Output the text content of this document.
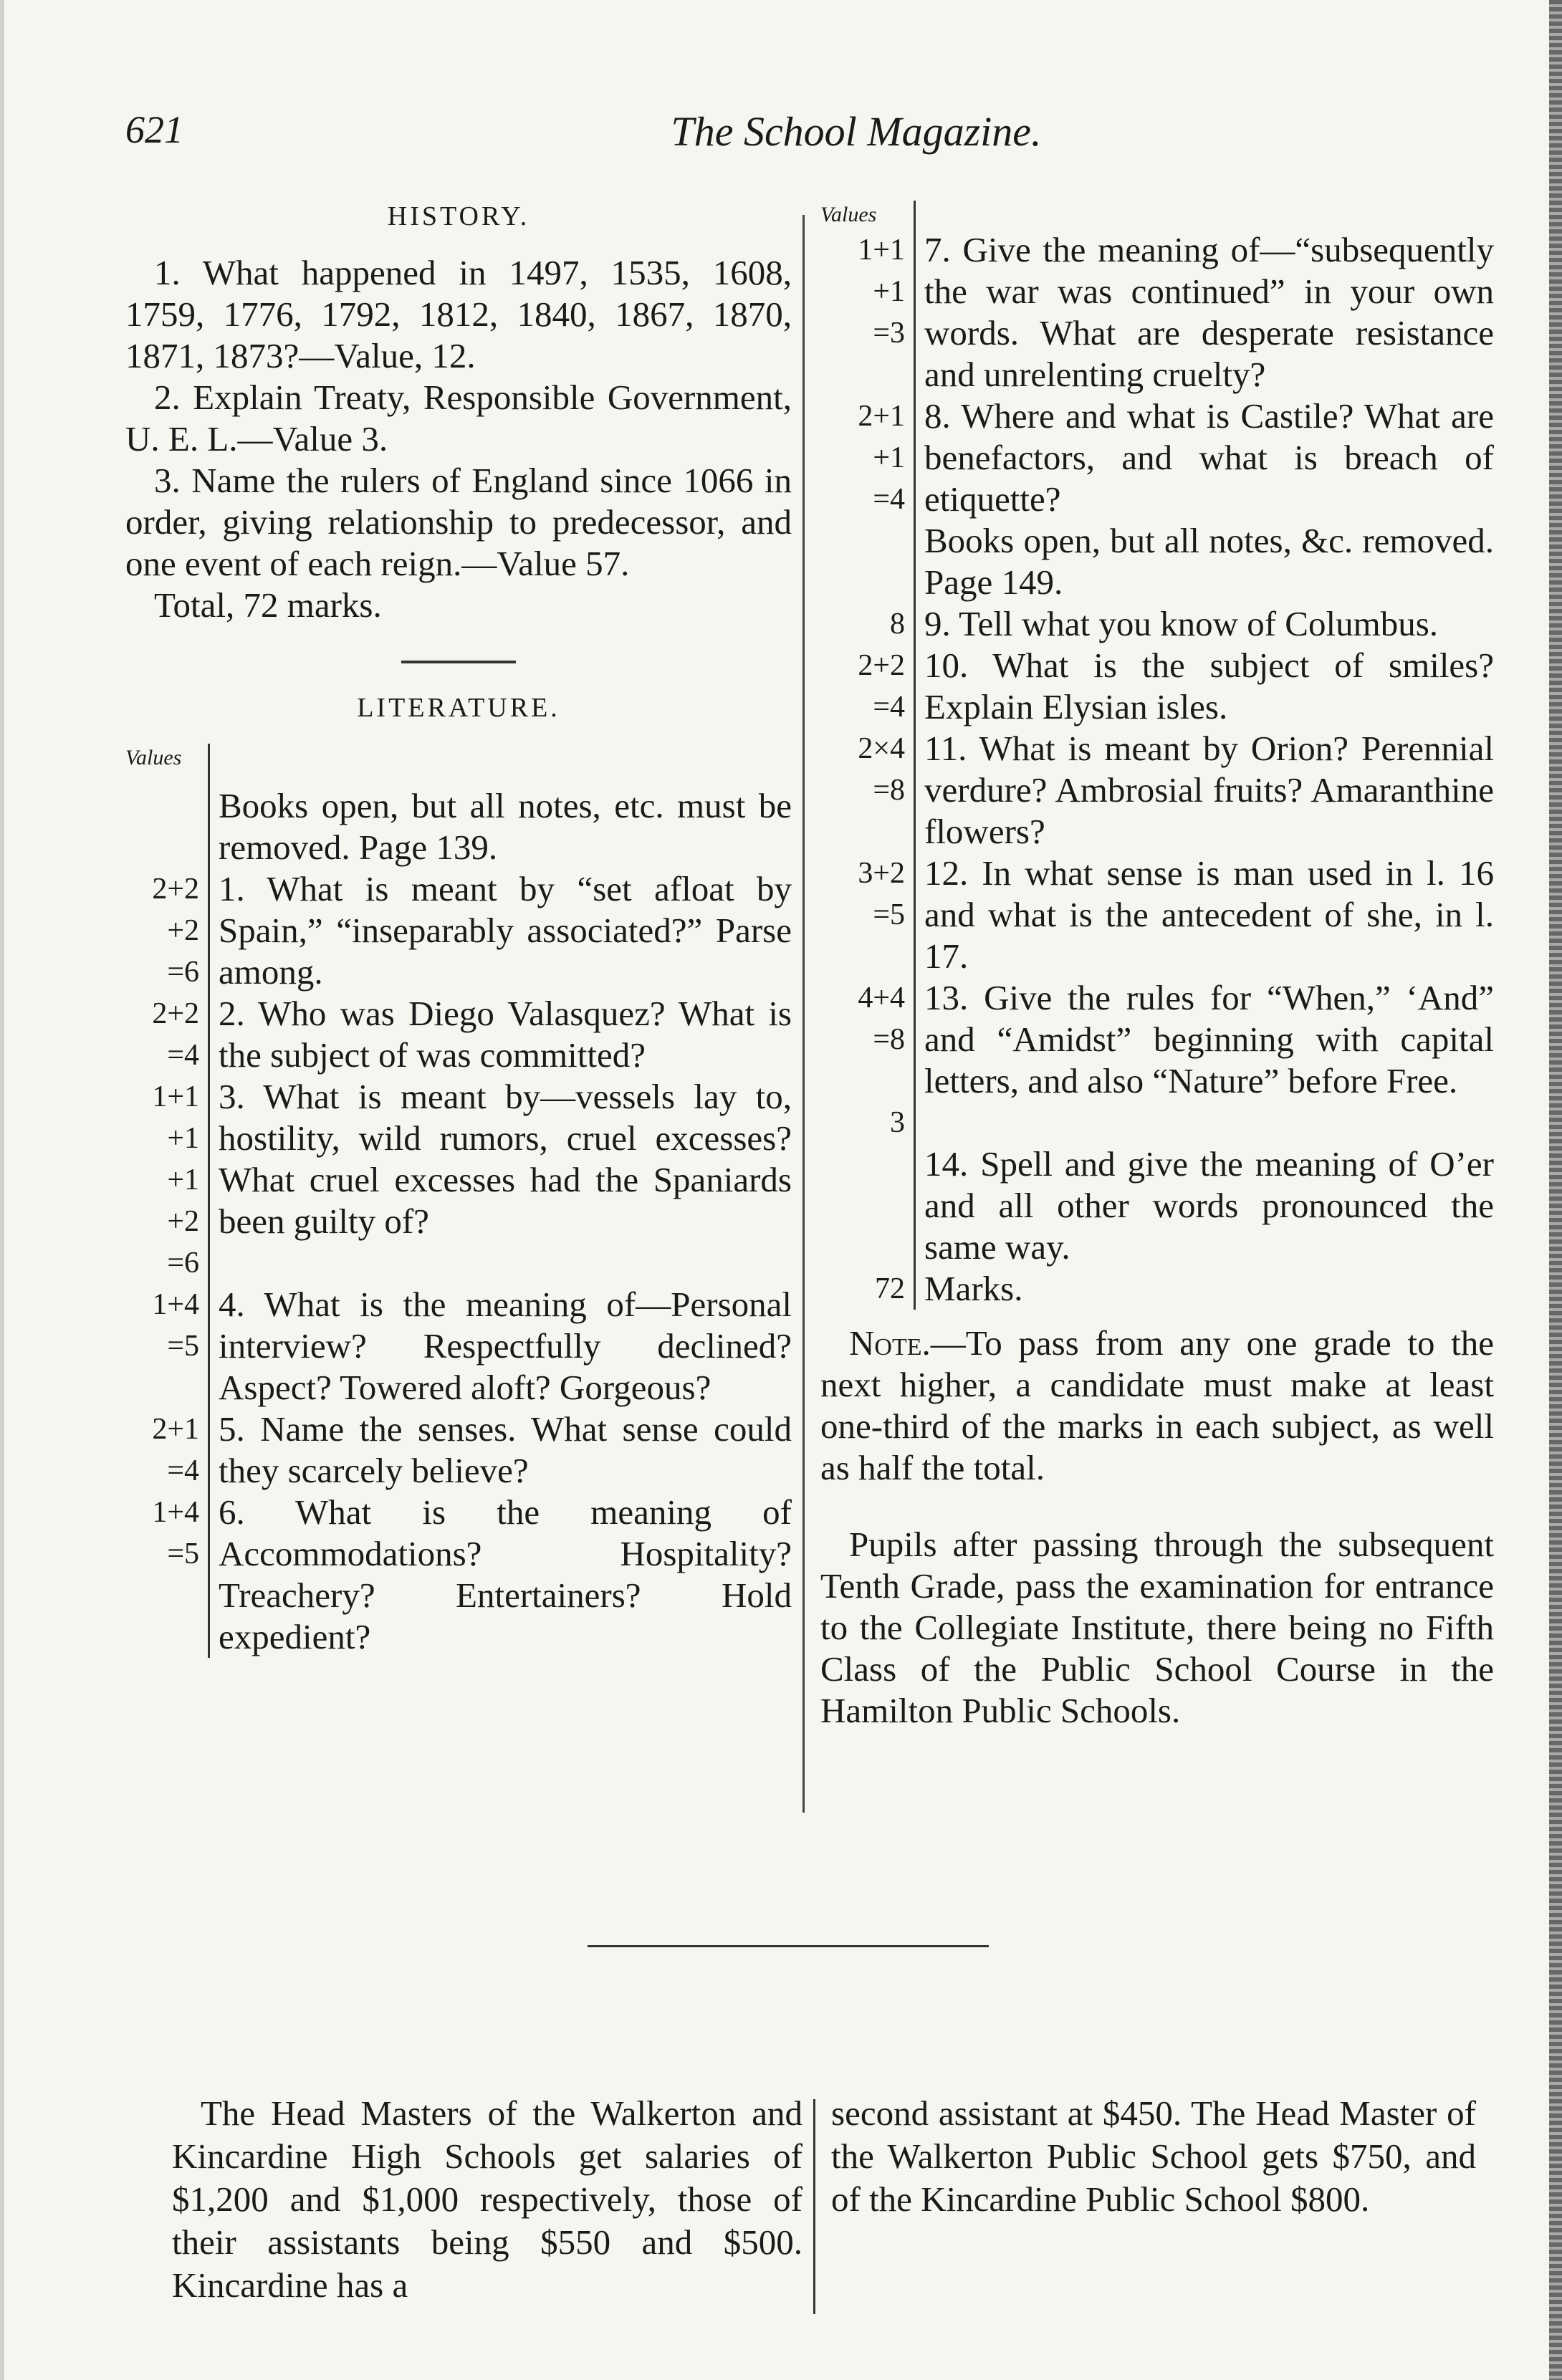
621	The School Magazine.
HISTORY.

1. What happened in 1497, 1535, 1608, 1759, 1776, 1792, 1812, 1840, 1867, 1870, 1871, 1873?—Value, 12.

2. Explain Treaty, Responsible Government, U. E. L.—Value 3.

3. Name the rulers of England since 1066 in order, giving relationship to predecessor, and one event of each reign.—Value 57.

Total, 72 marks.

LITERATURE.
Values

Books open, but all notes, etc. must be removed. Page 139.
2+2
+2
=6
1. What is meant by “set afloat by Spain,” “inseparably associated?” Parse among.
2+2
=4
2. Who was Diego Valasquez? What is the subject of was committed?
1+1
+1
+1
+2
=6
3. What is meant by—vessels lay to, hostility, wild rumors, cruel excesses? What cruel excesses had the Spaniards been guilty of?
1+4
=5
4. What is the meaning of—Personal interview? Respectfully declined? Aspect? Towered aloft? Gorgeous?
2+1
=4
5. Name the senses. What sense could they scarcely believe?
1+4
=5
6. What is the meaning of Accommodations? Hospitality? Treachery? Entertainers? Hold expedient?
Values

1+1
+1
=3
7. Give the meaning of—“subsequently the war was continued” in your own words. What are desperate resistance and unrelenting cruelty?
2+1
+1
=4
8. Where and what is Castile? What are benefactors, and what is breach of etiquette?
Books open, but all notes, &c. removed. Page 149.
8 9. Tell what you know of Columbus.
2+2
=4
10. What is the subject of smiles? Explain Elysian isles.
2×4
=8
11. What is meant by Orion? Perennial verdure? Ambrosial fruits? Amaranthine flowers?
3+2
=5
12. In what sense is man used in l. 16 and what is the antecedent of she, in l. 17.
4+4
=8

3
13. Give the rules for “When,” ‘And” and “Amidst” beginning with capital letters, and also “Nature” before Free.
14. Spell and give the meaning of O’er and all other words pronounced the same way.
72 Marks.

Note.—To pass from any one grade to the next higher, a candidate must make at least one-third of the marks in each subject, as well as half the total.

Pupils after passing through the subsequent Tenth Grade, pass the examination for entrance to the Collegiate Institute, there being no Fifth Class of the Public School Course in the Hamilton Public Schools.

The Head Masters of the Walkerton and Kincardine High Schools get salaries of $1,200 and $1,000 respectively, those of their assistants being $550 and $500. Kincardine has a

second assistant at $450. The Head Master of the Walkerton Public School gets $750, and of the Kincardine Public School $800.
